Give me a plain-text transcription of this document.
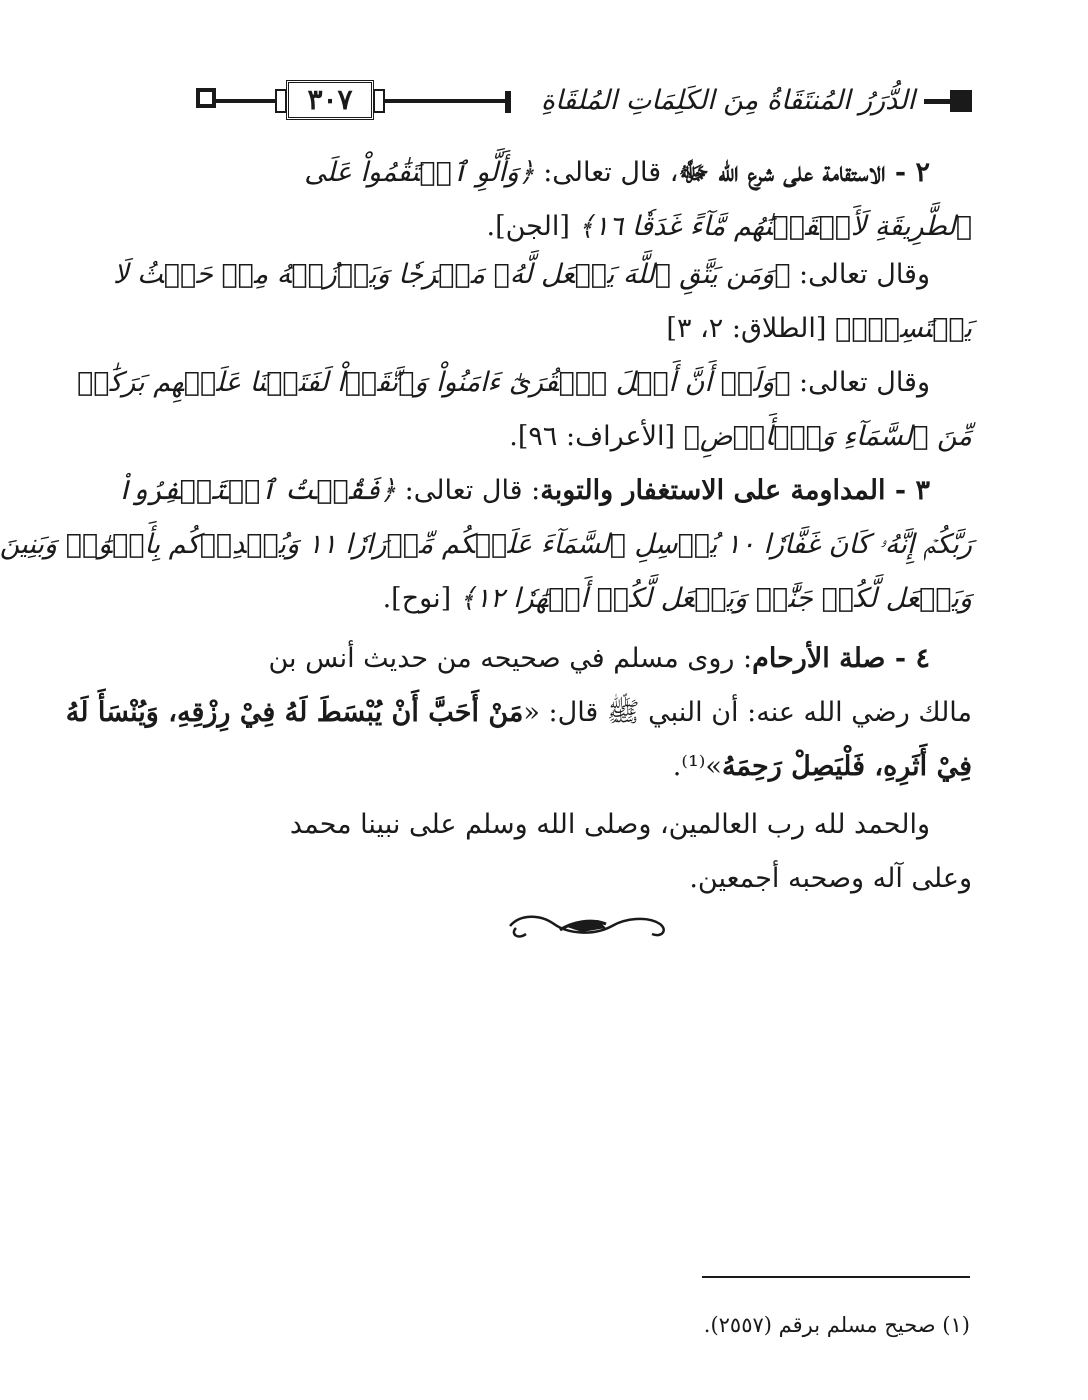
الدُّرَرُ المُنتَقَاةُ مِنَ الكَلِمَاتِ المُلقَاةِ
٣٠٧
٢ - الاستقامة على شرع الله ﷻ، قال تعالى: ﴿وَأَلَّوِ ٱسۡتَقَٰمُواْ عَلَى
ٱلطَّرِيقَةِ لَأَسۡقَيۡنَٰهُم مَّآءً غَدَقٗا ١٦﴾ [الجن].
وقال تعالى: ﴿وَمَن يَتَّقِ ٱللَّهَ يَجۡعَل لَّهُۥ مَخۡرَجٗا وَيَرۡزُقۡهُ مِنۡ حَيۡثُ لَا
يَحۡتَسِبُۚ﴾ [الطلاق: ٢، ٣]
وقال تعالى: ﴿وَلَوۡ أَنَّ أَهۡلَ ٱلۡقُرَىٰٓ ءَامَنُواْ وَٱتَّقَوۡاْ لَفَتَحۡنَا عَلَيۡهِم بَرَكَٰتٖ
مِّنَ ٱلسَّمَآءِ وَٱلۡأَرۡضِ﴾ [الأعراف: ٩٦].
٣ - المداومة على الاستغفار والتوبة: قال تعالى: ﴿فَقُلۡتُ ٱسۡتَغۡفِرُواْ
رَبَّكُمۡ إِنَّهُۥ كَانَ غَفَّارٗا ١٠ يُرۡسِلِ ٱلسَّمَآءَ عَلَيۡكُم مِّدۡرَارٗا ١١ وَيُمۡدِدۡكُم بِأَمۡوَٰلٖ وَبَنِينَ
وَيَجۡعَل لَّكُمۡ جَنَّٰتٖ وَيَجۡعَل لَّكُمۡ أَنۡهَٰرٗا ١٢﴾ [نوح].
٤ - صلة الأرحام: روى مسلم في صحيحه من حديث أنس بن
مالك رضي الله عنه: أن النبي ﷺ قال: «مَنْ أَحَبَّ أَنْ يُبْسَطَ لَهُ فِيْ رِزْقِهِ، وَيُنْسَأَ لَهُ
فِيْ أَثَرِهِ، فَلْيَصِلْ رَحِمَهُ»⁽¹⁾.
والحمد لله رب العالمين، وصلى الله وسلم على نبينا محمد
وعلى آله وصحبه أجمعين.
(١) صحيح مسلم برقم (٢٥٥٧).
